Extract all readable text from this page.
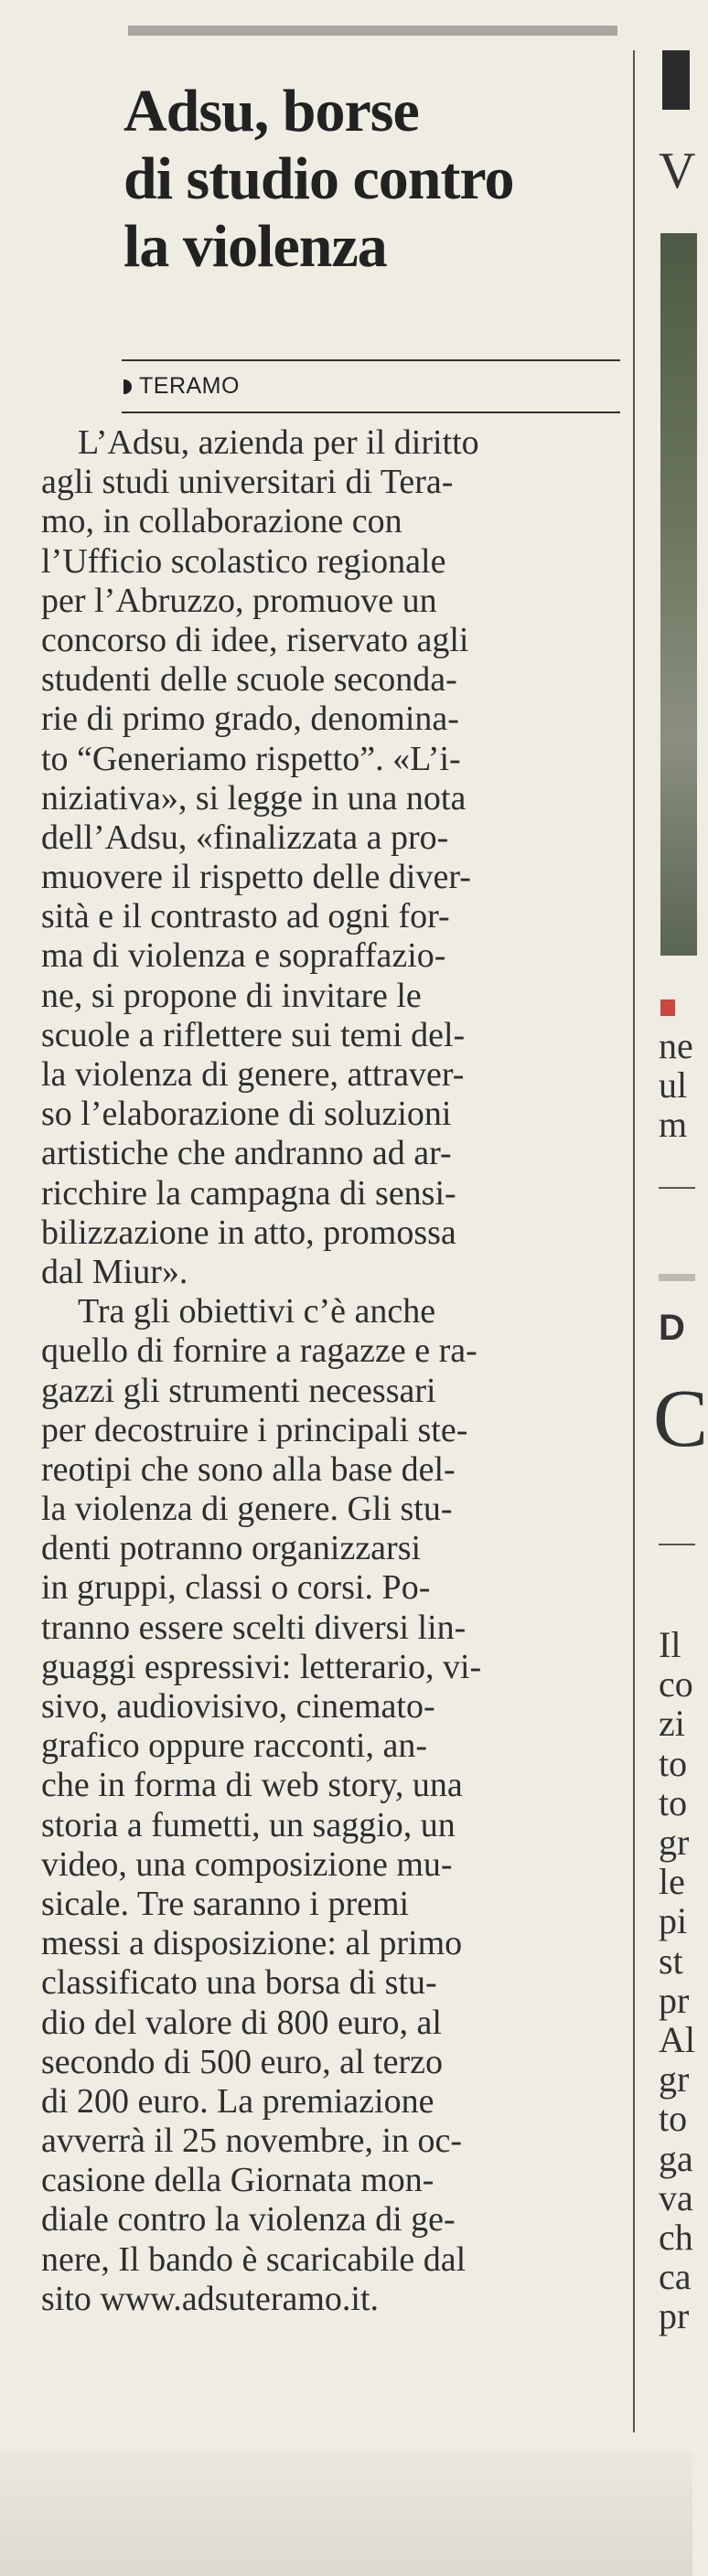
Adsu, borse
di studio contro
la violenza
TERAMO
L’Adsu, azienda per il diritto
agli studi universitari di Tera-
mo, in collaborazione con
l’Ufficio scolastico regionale
per l’Abruzzo, promuove un
concorso di idee, riservato agli
studenti delle scuole seconda-
rie di primo grado, denomina-
to “Generiamo rispetto”. «L’i-
niziativa», si legge in una nota
dell’Adsu, «finalizzata a pro-
muovere il rispetto delle diver-
sità e il contrasto ad ogni for-
ma di violenza e sopraffazio-
ne, si propone di invitare le
scuole a riflettere sui temi del-
la violenza di genere, attraver-
so l’elaborazione di soluzioni
artistiche che andranno ad ar-
ricchire la campagna di sensi-
bilizzazione in atto, promossa
dal Miur».
Tra gli obiettivi c’è anche
quello di fornire a ragazze e ra-
gazzi gli strumenti necessari
per decostruire i principali ste-
reotipi che sono alla base del-
la violenza di genere. Gli stu-
denti potranno organizzarsi
in gruppi, classi o corsi. Po-
tranno essere scelti diversi lin-
guaggi espressivi: letterario, vi-
sivo, audiovisivo, cinemato-
grafico oppure racconti, an-
che in forma di web story, una
storia a fumetti, un saggio, un
video, una composizione mu-
sicale. Tre saranno i premi
messi a disposizione: al primo
classificato una borsa di stu-
dio del valore di 800 euro, al
secondo di 500 euro, al terzo
di 200 euro. La premiazione
avverrà il 25 novembre, in oc-
casione della Giornata mon-
diale contro la violenza di ge-
nere, Il bando è scaricabile dal
sito www.adsuteramo.it.
V
ne
ul
m
D
C
Il
co
zi
to
to
gr
le
pi
st
pr
Al
gr
to
ga
va
ch
ca
pr
